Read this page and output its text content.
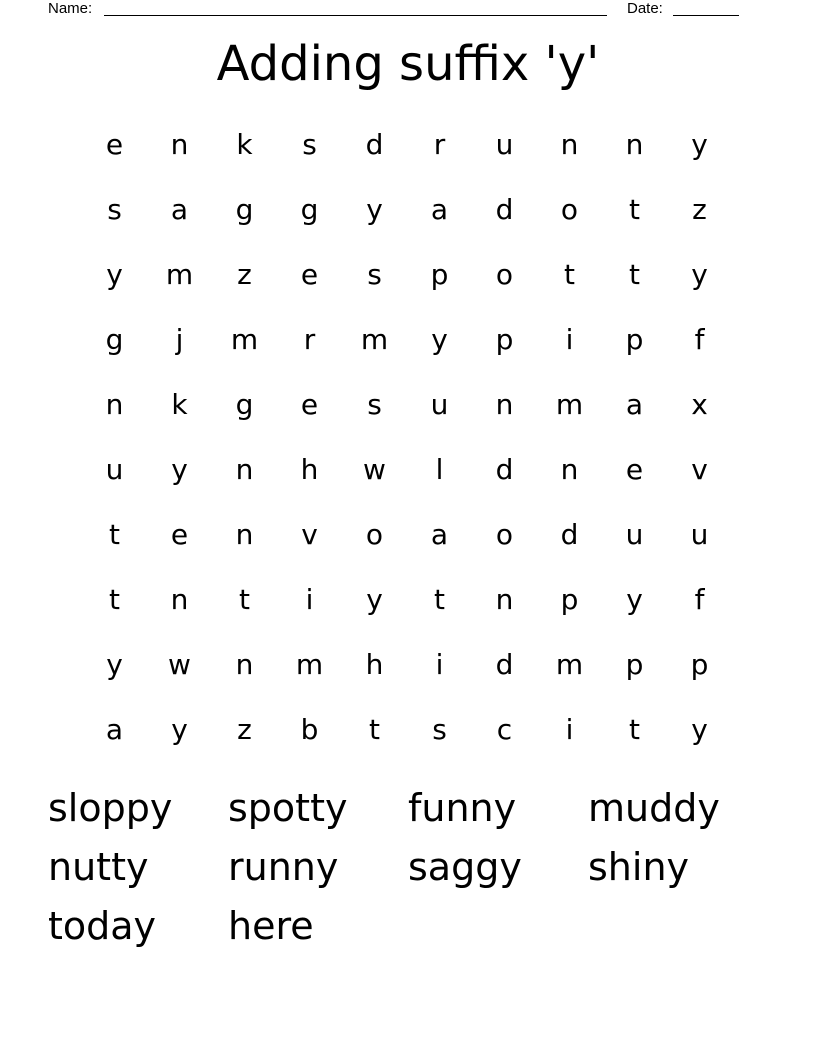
Name:	Date:
Adding suffix 'y'
e	n	k	s	d	r	u	n	n	y
s	a	g	g	y	a	d	o	t	z
y	m	z	e	s	p	o	t	t	y
g	j	m	r	m	y	p	i	p	f
n	k	g	e	s	u	n	m	a	x
u	y	n	h	w	l	d	n	e	v
t	e	n	v	o	a	o	d	u	u
t	n	t	i	y	t	n	p	y	f
y	w	n	m	h	i	d	m	p	p
a	y	z	b	t	s	c	i	t	y
sloppy spotty funny muddy
nutty runny saggy shiny
today here
